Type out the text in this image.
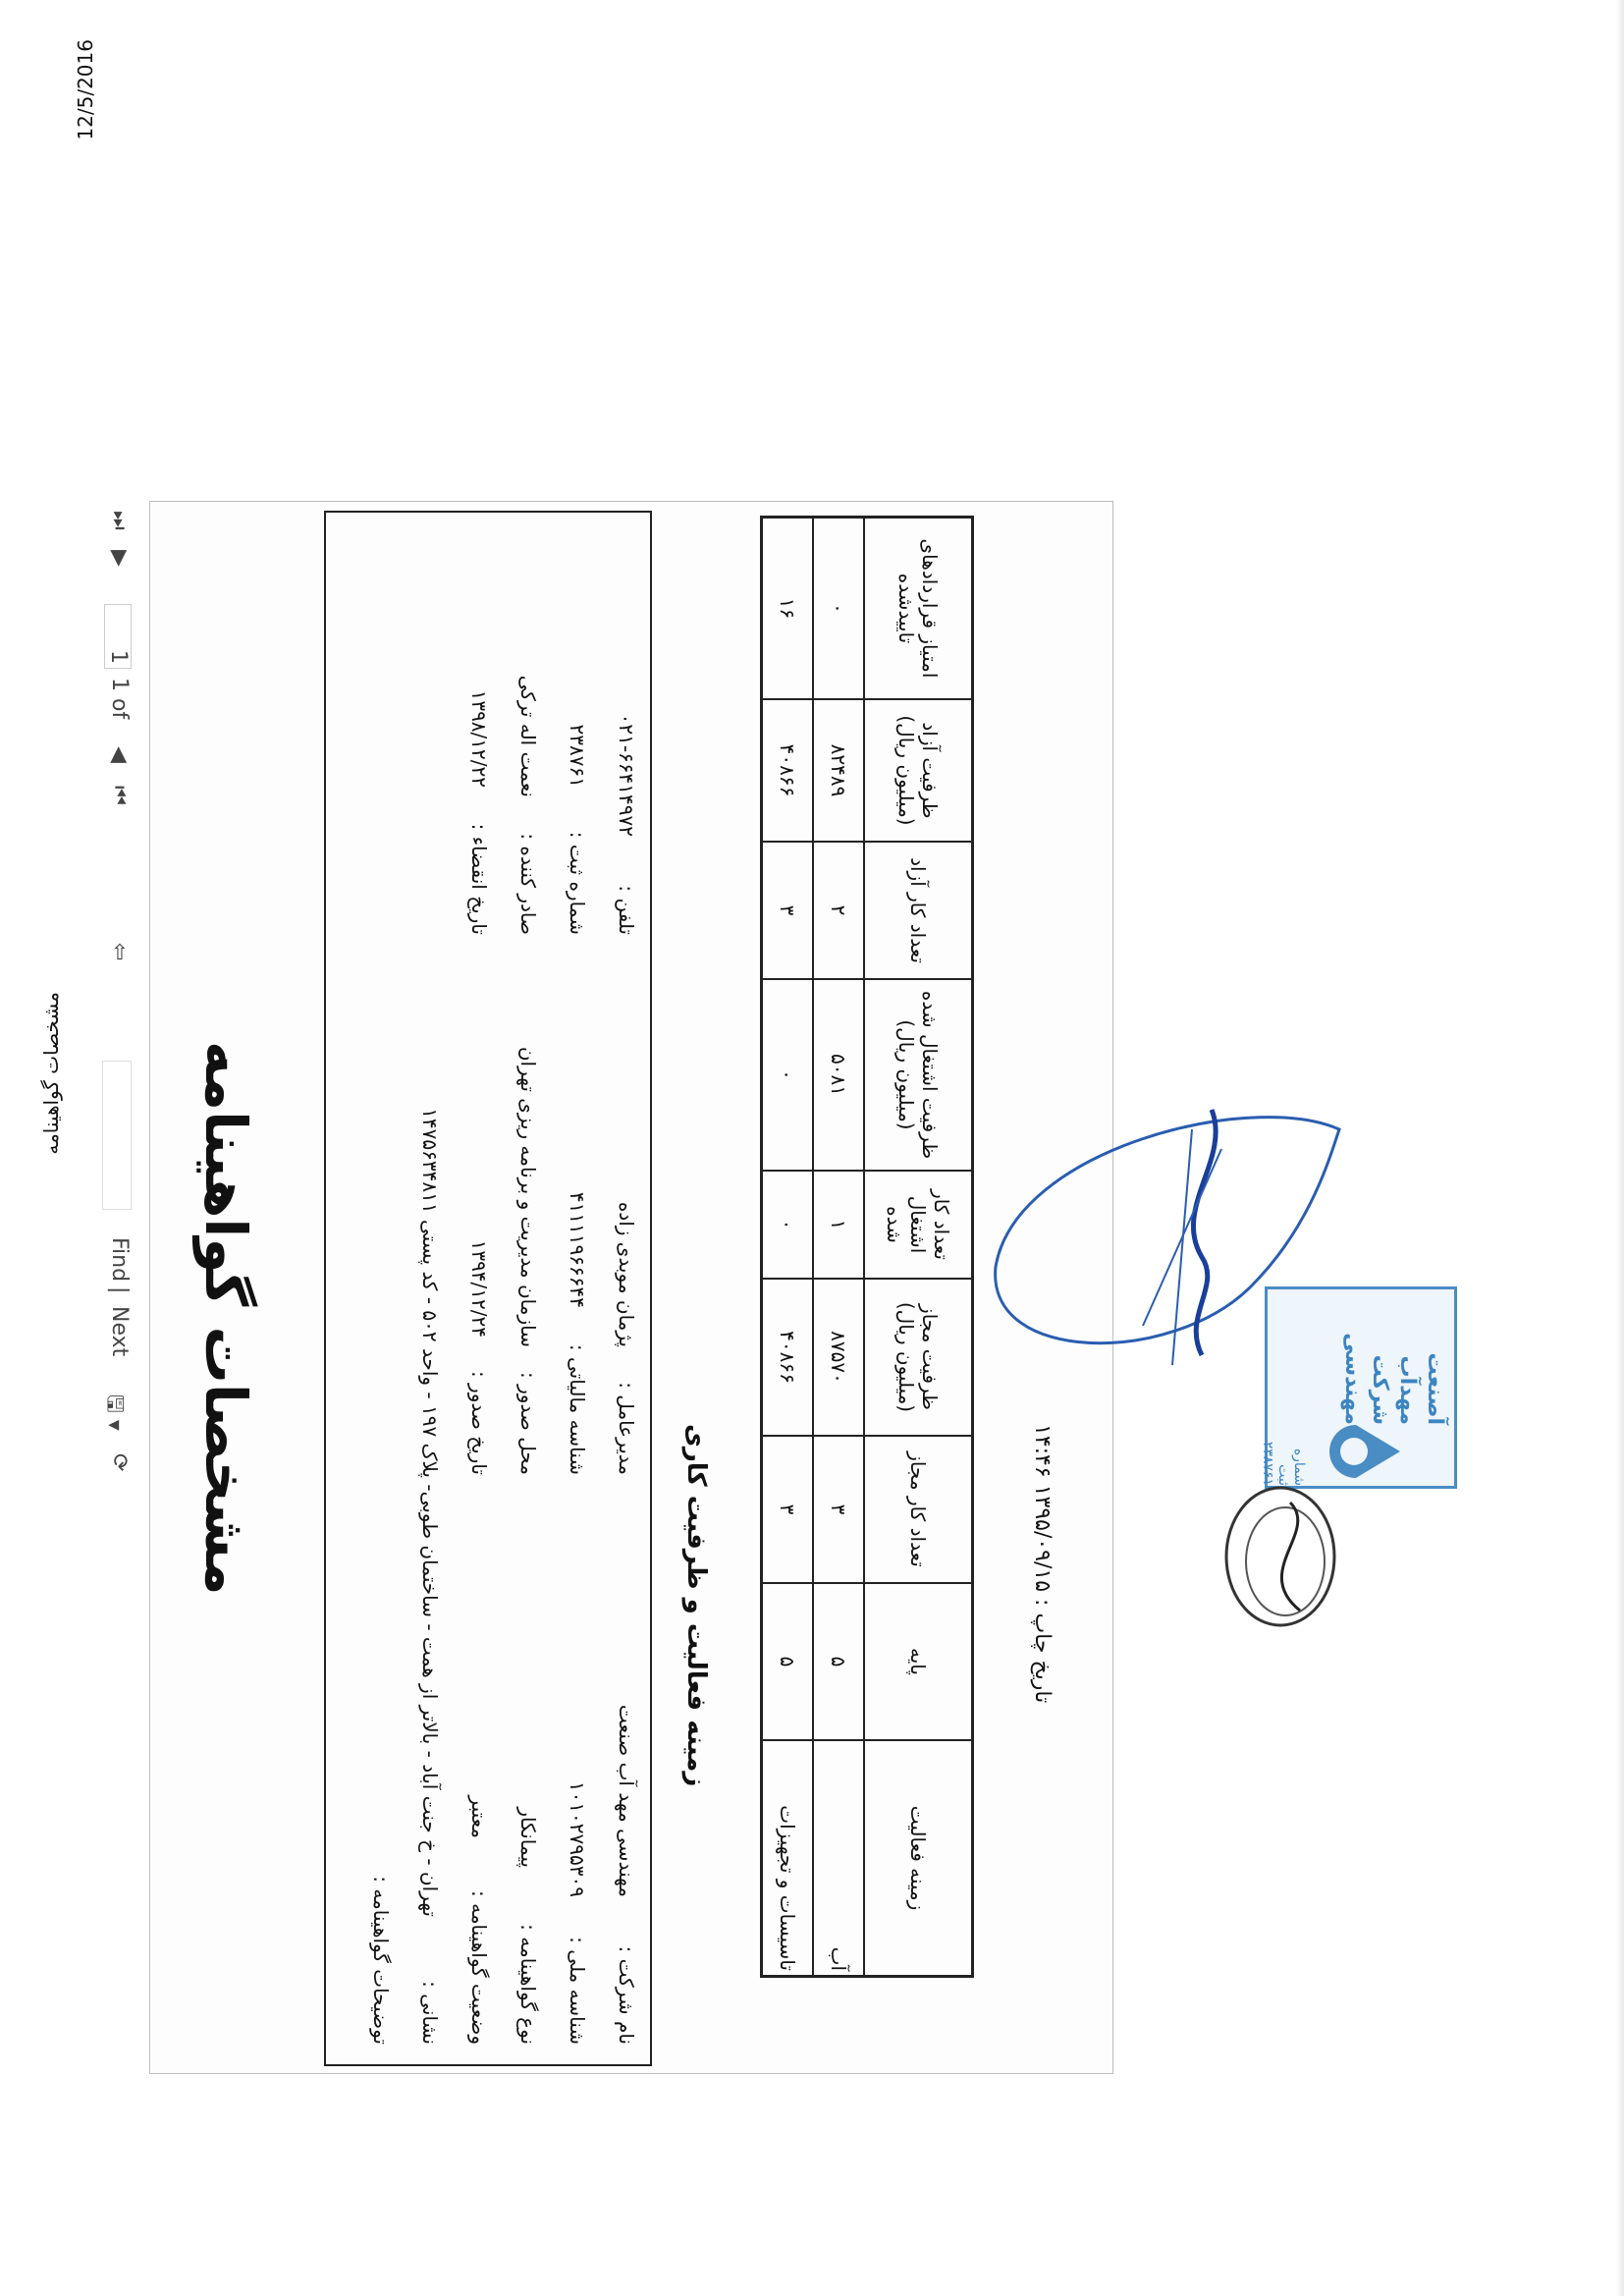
12/5/2016
مشخصات گواهینامه
⏭
▶
1
1 of
◀
⏮
⇦
Find
|
Next
🖫 ▾
⟳ مشخصات گواهینامه
نام شرکت :
مهندسی مهد آب صنعت
مدیرعامل :
پژمان موبدی زاده
تلفن :
۰۲۱-۶۶۴۱۴۹۷۲
شناسه ملی :
۱۰۱۰۲۷۹۵۳۰۹
شناسه مالیاتی :
۴۱۱۱۱۹۶۶۶۴۴
شماره ثبت :
۲۳۸۷۶۱
نوع گواهینامه :
پیمانکار
محل صدور :
سازمان مدیریت و برنامه ریزی تهران
صادر کننده :
نعمت اله ترکی
وضعیت گواهینامه :
معتبر
تاریخ صدور :
۱۳۹۴/۱۲/۲۴
تاریخ انقضاء :
۱۳۹۸/۱۲/۲۲
نشانی :
تهران - خ جنت آباد - بالاتر از همت - ساختمان طوبی- پلاک ۱۹۷ - واحد ۵۰۲ - کد پستی ۱۴۷۵۶۳۴۸۱۱
توضیحات گواهینامه :
زمینه فعالیت و ظرفیت کاری
زمینه فعالیت	پایه	تعداد کار مجاز	ظرفیت مجاز (میلیون ریال)	تعداد کار اشتغال شده	ظرفیت اشتغال شده (میلیون ریال)	تعداد کار آزاد	ظرفیت آزاد (میلیون ریال)	امتیاز قراردادهای تاییدشده
آب	۵	۳	۸۷۵۷۰	۱	۵۰۸۱	۲	۸۲۴۸۹	۰
تاسیسات و تجهیزات	۵	۳	۴۰۸۶۶	۰	۰	۳	۴۰۸۶۶	۱۶
تاریخ چاپ : ۱۳۹۵/۰۹/۱۵ ۱۴:۴۶
آصنعت مهدآب شرکت مهندسی
شماره ثبت ۲۳۸۷۶۱
